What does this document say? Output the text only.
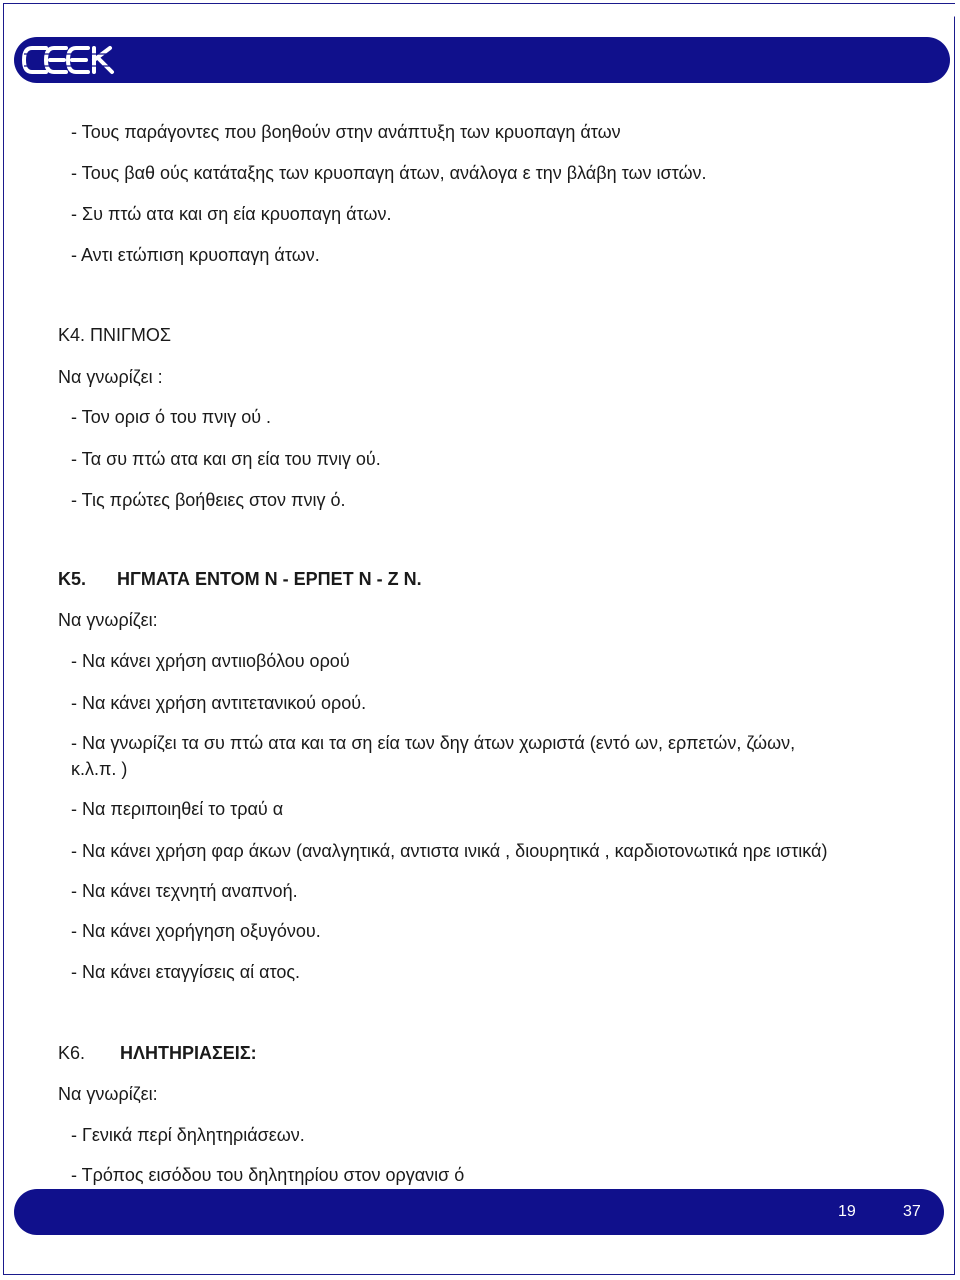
- Τους παράγοντες που βοηθούν στην ανάπτυξη των κρυοπαγη άτων
- Τους βαθ ούς κατάταξης των κρυοπαγη άτων, ανάλογα ε την βλάβη των ιστών.
- Συ πτώ ατα και ση εία κρυοπαγη άτων.
- Αντι ετώπιση κρυοπαγη άτων.
Κ4. ΠΝΙΓΜΟΣ
Να γνωρίζει :
- Τον ορισ ό του πνιγ ού .
- Τα συ πτώ ατα και ση εία του πνιγ ού.
- Τις πρώτες βοήθειες στον πνιγ ό.
Κ5. ΗΓΜΑΤΑ ΕΝΤΟΜ Ν - ΕΡΠΕΤ Ν - Ζ Ν.
Να γνωρίζει:
- Να κάνει χρήση αντιιοβόλου ορού
- Να κάνει χρήση αντιτετανικού ορού.
- Να γνωρίζει τα συ πτώ ατα και τα ση εία των δηγ άτων χωριστά (εντό ων, ερπετών, ζώων,
κ.λ.π. )
- Να περιποιηθεί το τραύ α
- Να κάνει χρήση φαρ άκων (αναλγητικά, αντιστα ινικά , διουρητικά , καρδιοτονωτικά ηρε ιστικά)
- Να κάνει τεχνητή αναπνοή.
- Να κάνει χορήγηση οξυγόνου.
- Να κάνει εταγγίσεις αί ατος.
Κ6. ΗΛΗΤΗΡΙΑΣΕΙΣ:
Να γνωρίζει:
- Γενικά περί δηλητηριάσεων.
- Τρόπος εισόδου του δηλητηρίου στον οργανισ ό
19	37
